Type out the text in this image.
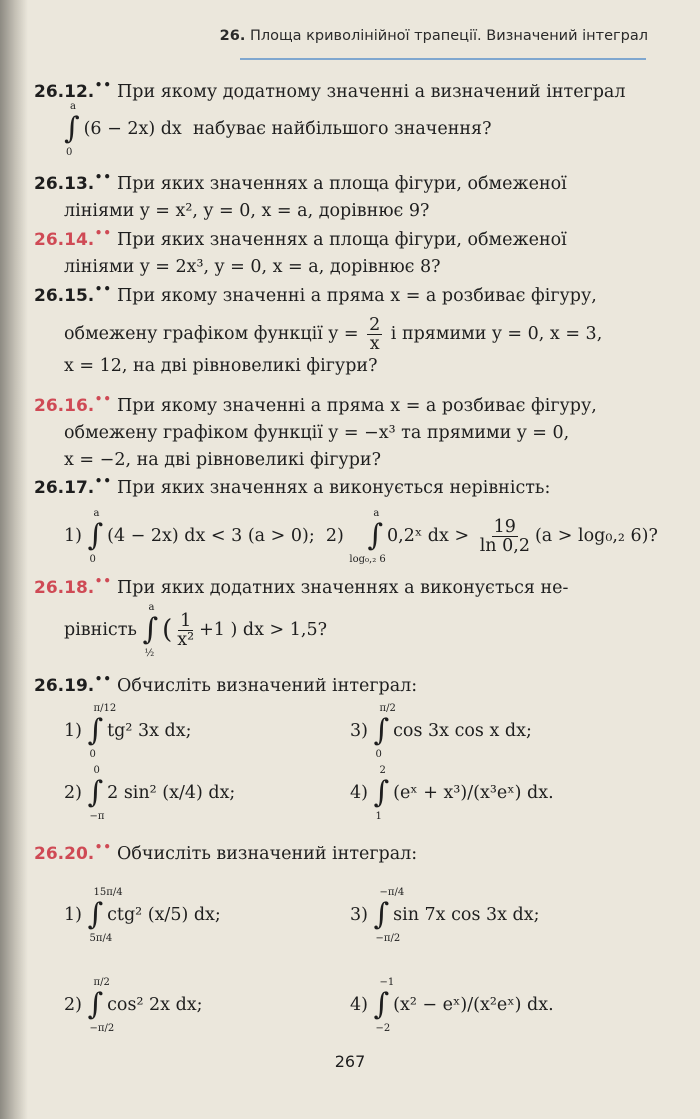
26. Площа криволінійної трапеції. Визначений інтеграл
26.12.•• При якому додатному значенні a визначений інтеграл
∫
a
0
(6 − 2x) dx набуває найбільшого значення?
26.13.•• При яких значеннях a площа фігури, обмеженої
лініями y = x², y = 0, x = a, дорівнює 9?
26.14.•• При яких значеннях a площа фігури, обмеженої
лініями y = 2x³, y = 0, x = a, дорівнює 8?
26.15.•• При якому значенні a пряма x = a розбиває фігуру,
обмежену графіком функції $y = \frac{2}{x}$ і прямими y = 0, x = 3,
x = 12, на дві рівновеликі фігури?
26.16.•• При якому значенні a пряма x = a розбиває фігуру,
обмежену графіком функції y = −x³ та прямими y = 0,
x = −2, на дві рівновеликі фігури?
26.17.•• При яких значеннях a виконується нерівність:
1) ∫
a
0
(4 − 2x) dx < 3 (a > 0); 2) ∫
a
log₀,₂ 6
0,2ˣ dx > $\frac{19}{\ln 0,2} (a > \log_0,_2$ 6)?
26.18.•• При яких додатних значеннях a виконується не-
рівність ∫
a
½
( $\frac{1}{\text{x²}} +1$ ) dx > 1,5?
26.19.•• Обчисліть визначений інтеграл:
1) ∫
π/12
0
tg² 3x dx;	3) ∫
π/2
0
cos 3x cos x dx;
2) ∫
0
−π
2 sin² (x/4) dx;	4) ∫
2
1
(eˣ + x³)/(x³eˣ) dx.
26.20.•• Обчисліть визначений інтеграл:
1) ∫
15π/4
5π/4
ctg² (x/5) dx;	3) ∫
−π/4
−π/2
sin 7x cos 3x dx;
2) ∫
π/2
−π/2
cos² 2x dx;	4) ∫
−1
−2
(x² − eˣ)/(x²eˣ) dx.
267
